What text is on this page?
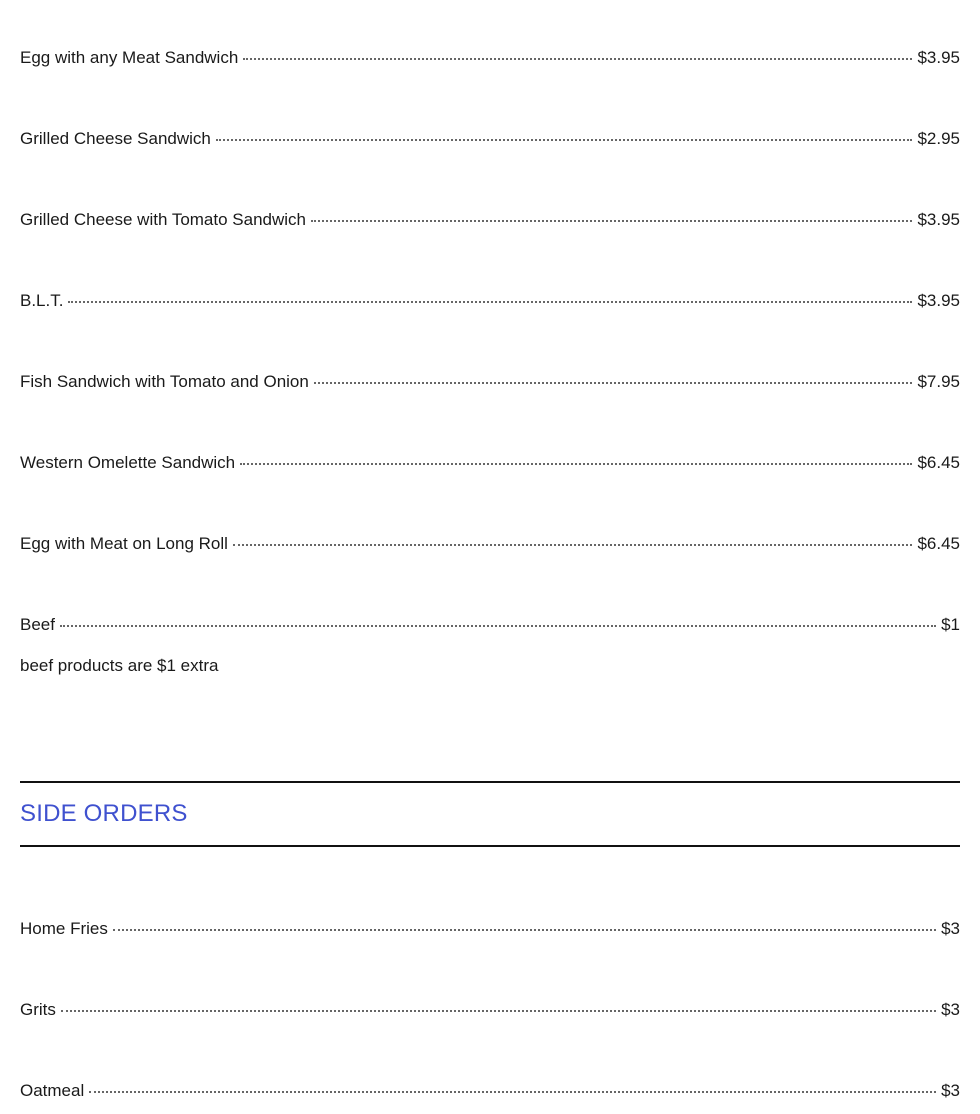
Egg with any Meat Sandwich	$3.95
Grilled Cheese Sandwich	$2.95
Grilled Cheese with Tomato Sandwich	$3.95
B.L.T.	$3.95
Fish Sandwich with Tomato and Onion	$7.95
Western Omelette Sandwich	$6.45
Egg with Meat on Long Roll	$6.45
Beef	$1
beef products are $1 extra
SIDE ORDERS
Home Fries	$3
Grits	$3
Oatmeal	$3
